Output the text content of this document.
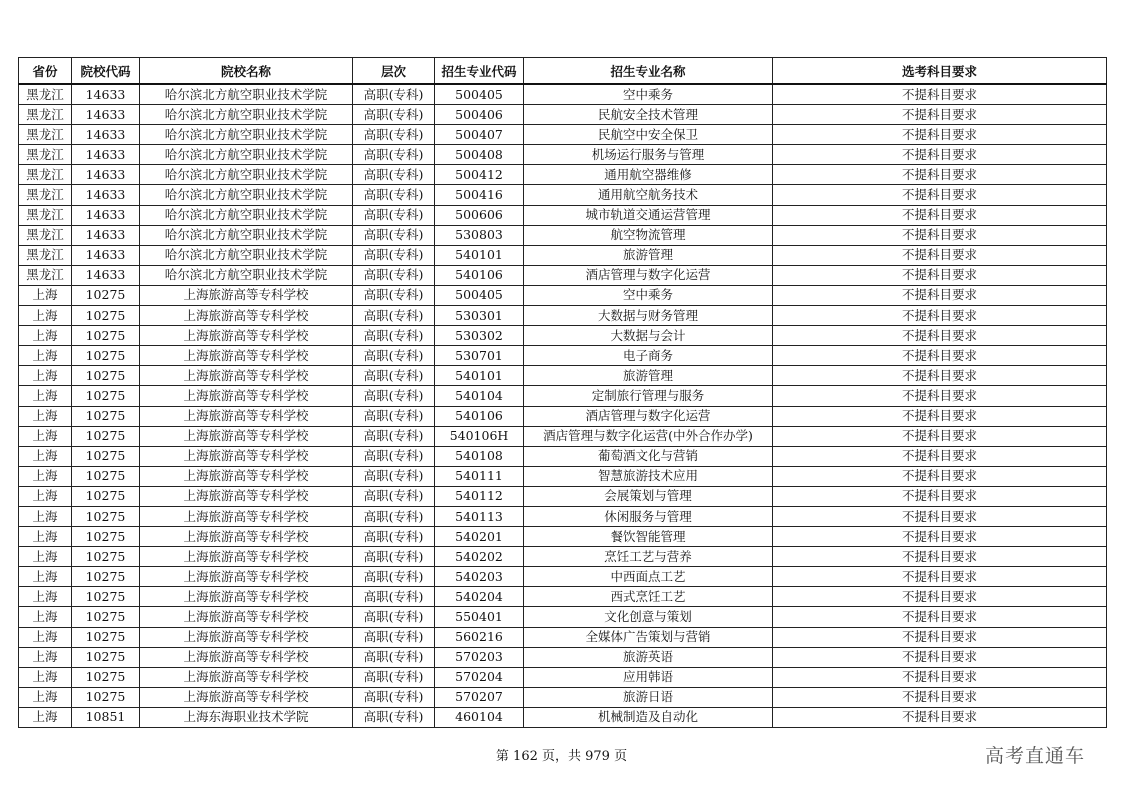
省份	院校代码	院校名称	层次	招生专业代码	招生专业名称	选考科目要求
黑龙江	14633	哈尔滨北方航空职业技术学院	高职(专科)	500405	空中乘务	不提科目要求
黑龙江	14633	哈尔滨北方航空职业技术学院	高职(专科)	500406	民航安全技术管理	不提科目要求
黑龙江	14633	哈尔滨北方航空职业技术学院	高职(专科)	500407	民航空中安全保卫	不提科目要求
黑龙江	14633	哈尔滨北方航空职业技术学院	高职(专科)	500408	机场运行服务与管理	不提科目要求
黑龙江	14633	哈尔滨北方航空职业技术学院	高职(专科)	500412	通用航空器维修	不提科目要求
黑龙江	14633	哈尔滨北方航空职业技术学院	高职(专科)	500416	通用航空航务技术	不提科目要求
黑龙江	14633	哈尔滨北方航空职业技术学院	高职(专科)	500606	城市轨道交通运营管理	不提科目要求
黑龙江	14633	哈尔滨北方航空职业技术学院	高职(专科)	530803	航空物流管理	不提科目要求
黑龙江	14633	哈尔滨北方航空职业技术学院	高职(专科)	540101	旅游管理	不提科目要求
黑龙江	14633	哈尔滨北方航空职业技术学院	高职(专科)	540106	酒店管理与数字化运营	不提科目要求
上海	10275	上海旅游高等专科学校	高职(专科)	500405	空中乘务	不提科目要求
上海	10275	上海旅游高等专科学校	高职(专科)	530301	大数据与财务管理	不提科目要求
上海	10275	上海旅游高等专科学校	高职(专科)	530302	大数据与会计	不提科目要求
上海	10275	上海旅游高等专科学校	高职(专科)	530701	电子商务	不提科目要求
上海	10275	上海旅游高等专科学校	高职(专科)	540101	旅游管理	不提科目要求
上海	10275	上海旅游高等专科学校	高职(专科)	540104	定制旅行管理与服务	不提科目要求
上海	10275	上海旅游高等专科学校	高职(专科)	540106	酒店管理与数字化运营	不提科目要求
上海	10275	上海旅游高等专科学校	高职(专科)	540106H	酒店管理与数字化运营(中外合作办学)	不提科目要求
上海	10275	上海旅游高等专科学校	高职(专科)	540108	葡萄酒文化与营销	不提科目要求
上海	10275	上海旅游高等专科学校	高职(专科)	540111	智慧旅游技术应用	不提科目要求
上海	10275	上海旅游高等专科学校	高职(专科)	540112	会展策划与管理	不提科目要求
上海	10275	上海旅游高等专科学校	高职(专科)	540113	休闲服务与管理	不提科目要求
上海	10275	上海旅游高等专科学校	高职(专科)	540201	餐饮智能管理	不提科目要求
上海	10275	上海旅游高等专科学校	高职(专科)	540202	烹饪工艺与营养	不提科目要求
上海	10275	上海旅游高等专科学校	高职(专科)	540203	中西面点工艺	不提科目要求
上海	10275	上海旅游高等专科学校	高职(专科)	540204	西式烹饪工艺	不提科目要求
上海	10275	上海旅游高等专科学校	高职(专科)	550401	文化创意与策划	不提科目要求
上海	10275	上海旅游高等专科学校	高职(专科)	560216	全媒体广告策划与营销	不提科目要求
上海	10275	上海旅游高等专科学校	高职(专科)	570203	旅游英语	不提科目要求
上海	10275	上海旅游高等专科学校	高职(专科)	570204	应用韩语	不提科目要求
上海	10275	上海旅游高等专科学校	高职(专科)	570207	旅游日语	不提科目要求
上海	10851	上海东海职业技术学院	高职(专科)	460104	机械制造及自动化	不提科目要求
第 162 页，共 979 页	高考直通车
